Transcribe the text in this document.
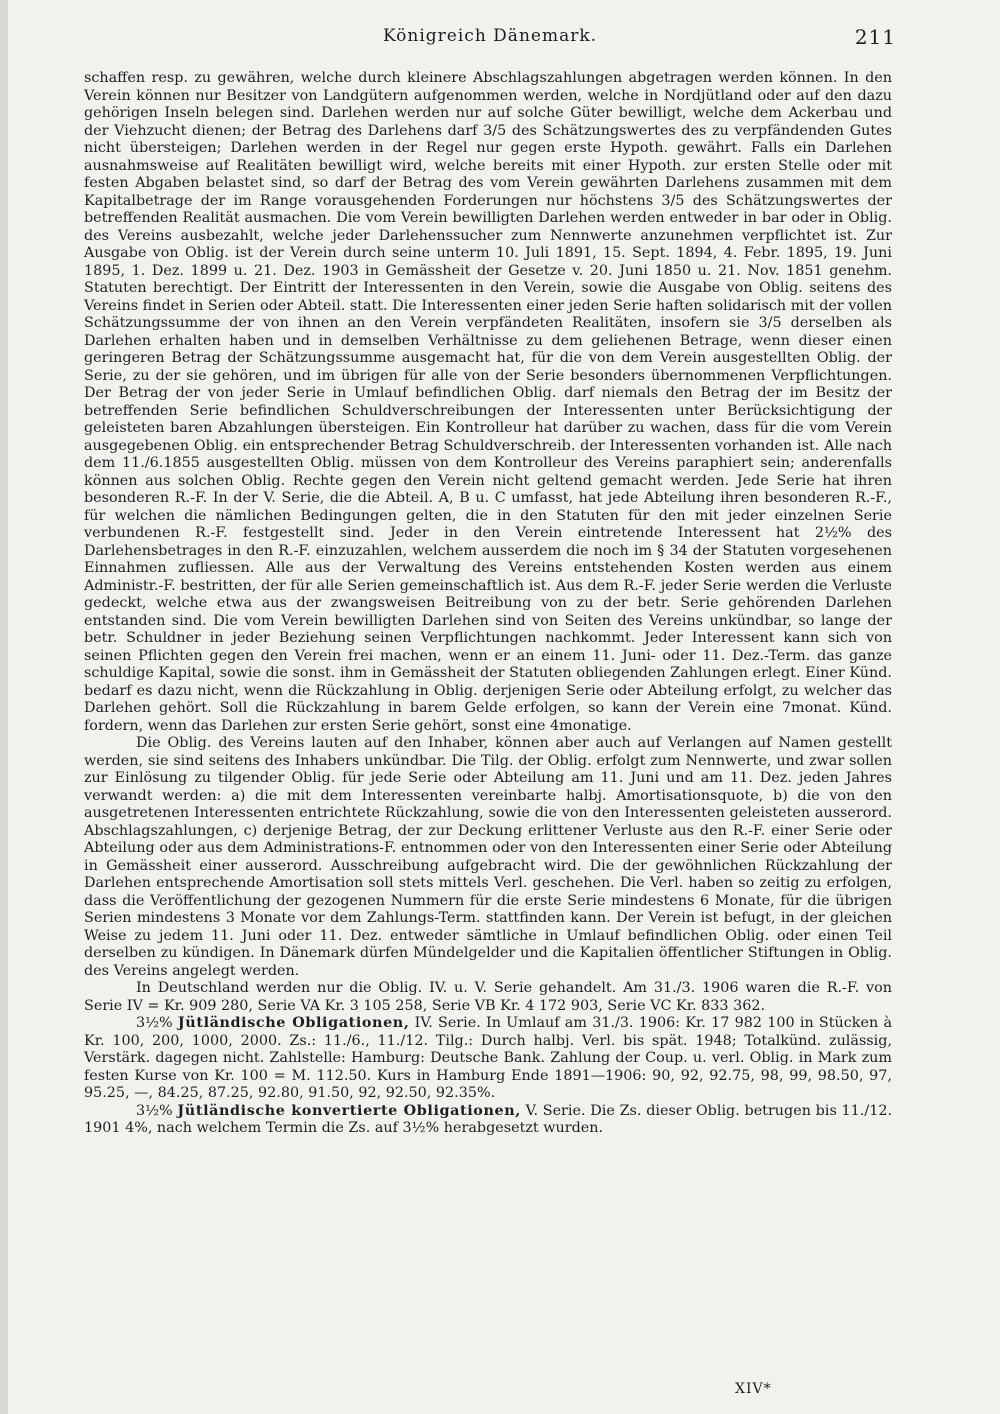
Königreich Dänemark.	211

schaffen resp. zu gewähren, welche durch kleinere Abschlagszahlungen abgetragen werden können. In den Verein können nur Besitzer von Landgütern aufgenommen werden, welche in Nordjütland oder auf den dazu gehörigen Inseln belegen sind. Darlehen werden nur auf solche Güter bewilligt, welche dem Ackerbau und der Viehzucht dienen; der Betrag des Darlehens darf 3/5 des Schätzungswertes des zu verpfändenden Gutes nicht übersteigen; Darlehen werden in der Regel nur gegen erste Hypoth. gewährt. Falls ein Darlehen ausnahmsweise auf Realitäten bewilligt wird, welche bereits mit einer Hypoth. zur ersten Stelle oder mit festen Abgaben belastet sind, so darf der Betrag des vom Verein gewährten Darlehens zusammen mit dem Kapitalbetrage der im Range vorausgehenden Forderungen nur höchstens 3/5 des Schätzungswertes der betreffenden Realität ausmachen. Die vom Verein bewilligten Darlehen werden entweder in bar oder in Oblig. des Vereins ausbezahlt, welche jeder Darlehenssucher zum Nennwerte anzunehmen verpflichtet ist. Zur Ausgabe von Oblig. ist der Verein durch seine unterm 10. Juli 1891, 15. Sept. 1894, 4. Febr. 1895, 19. Juni 1895, 1. Dez. 1899 u. 21. Dez. 1903 in Gemässheit der Gesetze v. 20. Juni 1850 u. 21. Nov. 1851 genehm. Statuten berechtigt. Der Eintritt der Interessenten in den Verein, sowie die Ausgabe von Oblig. seitens des Vereins findet in Serien oder Abteil. statt. Die Interessenten einer jeden Serie haften solidarisch mit der vollen Schätzungssumme der von ihnen an den Verein verpfändeten Realitäten, insofern sie 3/5 derselben als Darlehen erhalten haben und in demselben Verhältnisse zu dem geliehenen Betrage, wenn dieser einen geringeren Betrag der Schätzungssumme ausgemacht hat, für die von dem Verein ausgestellten Oblig. der Serie, zu der sie gehören, und im übrigen für alle von der Serie besonders übernommenen Verpflichtungen. Der Betrag der von jeder Serie in Umlauf befindlichen Oblig. darf niemals den Betrag der im Besitz der betreffenden Serie befindlichen Schuldverschreibungen der Interessenten unter Berücksichtigung der geleisteten baren Abzahlungen übersteigen. Ein Kontrolleur hat darüber zu wachen, dass für die vom Verein ausgegebenen Oblig. ein entsprechender Betrag Schuldverschreib. der Interessenten vorhanden ist. Alle nach dem 11./6.1855 ausgestellten Oblig. müssen von dem Kontrolleur des Vereins paraphiert sein; anderenfalls können aus solchen Oblig. Rechte gegen den Verein nicht geltend gemacht werden. Jede Serie hat ihren besonderen R.-F. In der V. Serie, die die Abteil. A, B u. C umfasst, hat jede Abteilung ihren besonderen R.-F., für welchen die nämlichen Bedingungen gelten, die in den Statuten für den mit jeder einzelnen Serie verbundenen R.-F. festgestellt sind. Jeder in den Verein eintretende Interessent hat 2½% des Darlehensbetrages in den R.-F. einzuzahlen, welchem ausserdem die noch im § 34 der Statuten vorgesehenen Einnahmen zufliessen. Alle aus der Verwaltung des Vereins entstehenden Kosten werden aus einem Administr.-F. bestritten, der für alle Serien gemeinschaftlich ist. Aus dem R.-F. jeder Serie werden die Verluste gedeckt, welche etwa aus der zwangsweisen Beitreibung von zu der betr. Serie gehörenden Darlehen entstanden sind. Die vom Verein bewilligten Darlehen sind von Seiten des Vereins unkündbar, so lange der betr. Schuldner in jeder Beziehung seinen Verpflichtungen nachkommt. Jeder Interessent kann sich von seinen Pflichten gegen den Verein frei machen, wenn er an einem 11. Juni- oder 11. Dez.-Term. das ganze schuldige Kapital, sowie die sonst. ihm in Gemässheit der Statuten obliegenden Zahlungen erlegt. Einer Künd. bedarf es dazu nicht, wenn die Rückzahlung in Oblig. derjenigen Serie oder Abteilung erfolgt, zu welcher das Darlehen gehört. Soll die Rückzahlung in barem Gelde erfolgen, so kann der Verein eine 7monat. Künd. fordern, wenn das Darlehen zur ersten Serie gehört, sonst eine 4monatige.

Die Oblig. des Vereins lauten auf den Inhaber, können aber auch auf Verlangen auf Namen gestellt werden, sie sind seitens des Inhabers unkündbar. Die Tilg. der Oblig. erfolgt zum Nennwerte, und zwar sollen zur Einlösung zu tilgender Oblig. für jede Serie oder Abteilung am 11. Juni und am 11. Dez. jeden Jahres verwandt werden: a) die mit dem Interessenten vereinbarte halbj. Amortisationsquote, b) die von den ausgetretenen Interessenten entrichtete Rückzahlung, sowie die von den Interessenten geleisteten ausserord. Abschlagszahlungen, c) derjenige Betrag, der zur Deckung erlittener Verluste aus den R.-F. einer Serie oder Abteilung oder aus dem Administrations-F. entnommen oder von den Interessenten einer Serie oder Abteilung in Gemässheit einer ausserord. Ausschreibung aufgebracht wird. Die der gewöhnlichen Rückzahlung der Darlehen entsprechende Amortisation soll stets mittels Verl. geschehen. Die Verl. haben so zeitig zu erfolgen, dass die Veröffentlichung der gezogenen Nummern für die erste Serie mindestens 6 Monate, für die übrigen Serien mindestens 3 Monate vor dem Zahlungs-Term. stattfinden kann. Der Verein ist befugt, in der gleichen Weise zu jedem 11. Juni oder 11. Dez. entweder sämtliche in Umlauf befindlichen Oblig. oder einen Teil derselben zu kündigen. In Dänemark dürfen Mündelgelder und die Kapitalien öffentlicher Stiftungen in Oblig. des Vereins angelegt werden.

In Deutschland werden nur die Oblig. IV. u. V. Serie gehandelt. Am 31./3. 1906 waren die R.-F. von Serie IV = Kr. 909 280, Serie VA Kr. 3 105 258, Serie VB Kr. 4 172 903, Serie VC Kr. 833 362.

3½% Jütländische Obligationen, IV. Serie. In Umlauf am 31./3. 1906: Kr. 17 982 100 in Stücken à Kr. 100, 200, 1000, 2000. Zs.: 11./6., 11./12. Tilg.: Durch halbj. Verl. bis spät. 1948; Totalkünd. zulässig, Verstärk. dagegen nicht. Zahlstelle: Hamburg: Deutsche Bank. Zahlung der Coup. u. verl. Oblig. in Mark zum festen Kurse von Kr. 100 = M. 112.50. Kurs in Hamburg Ende 1891—1906: 90, 92, 92.75, 98, 99, 98.50, 97, 95.25, —, 84.25, 87.25, 92.80, 91.50, 92, 92.50, 92.35%.

3½% Jütländische konvertierte Obligationen, V. Serie. Die Zs. dieser Oblig. betrugen bis 11./12. 1901 4%, nach welchem Termin die Zs. auf 3½% herabgesetzt wurden.

XIV*
